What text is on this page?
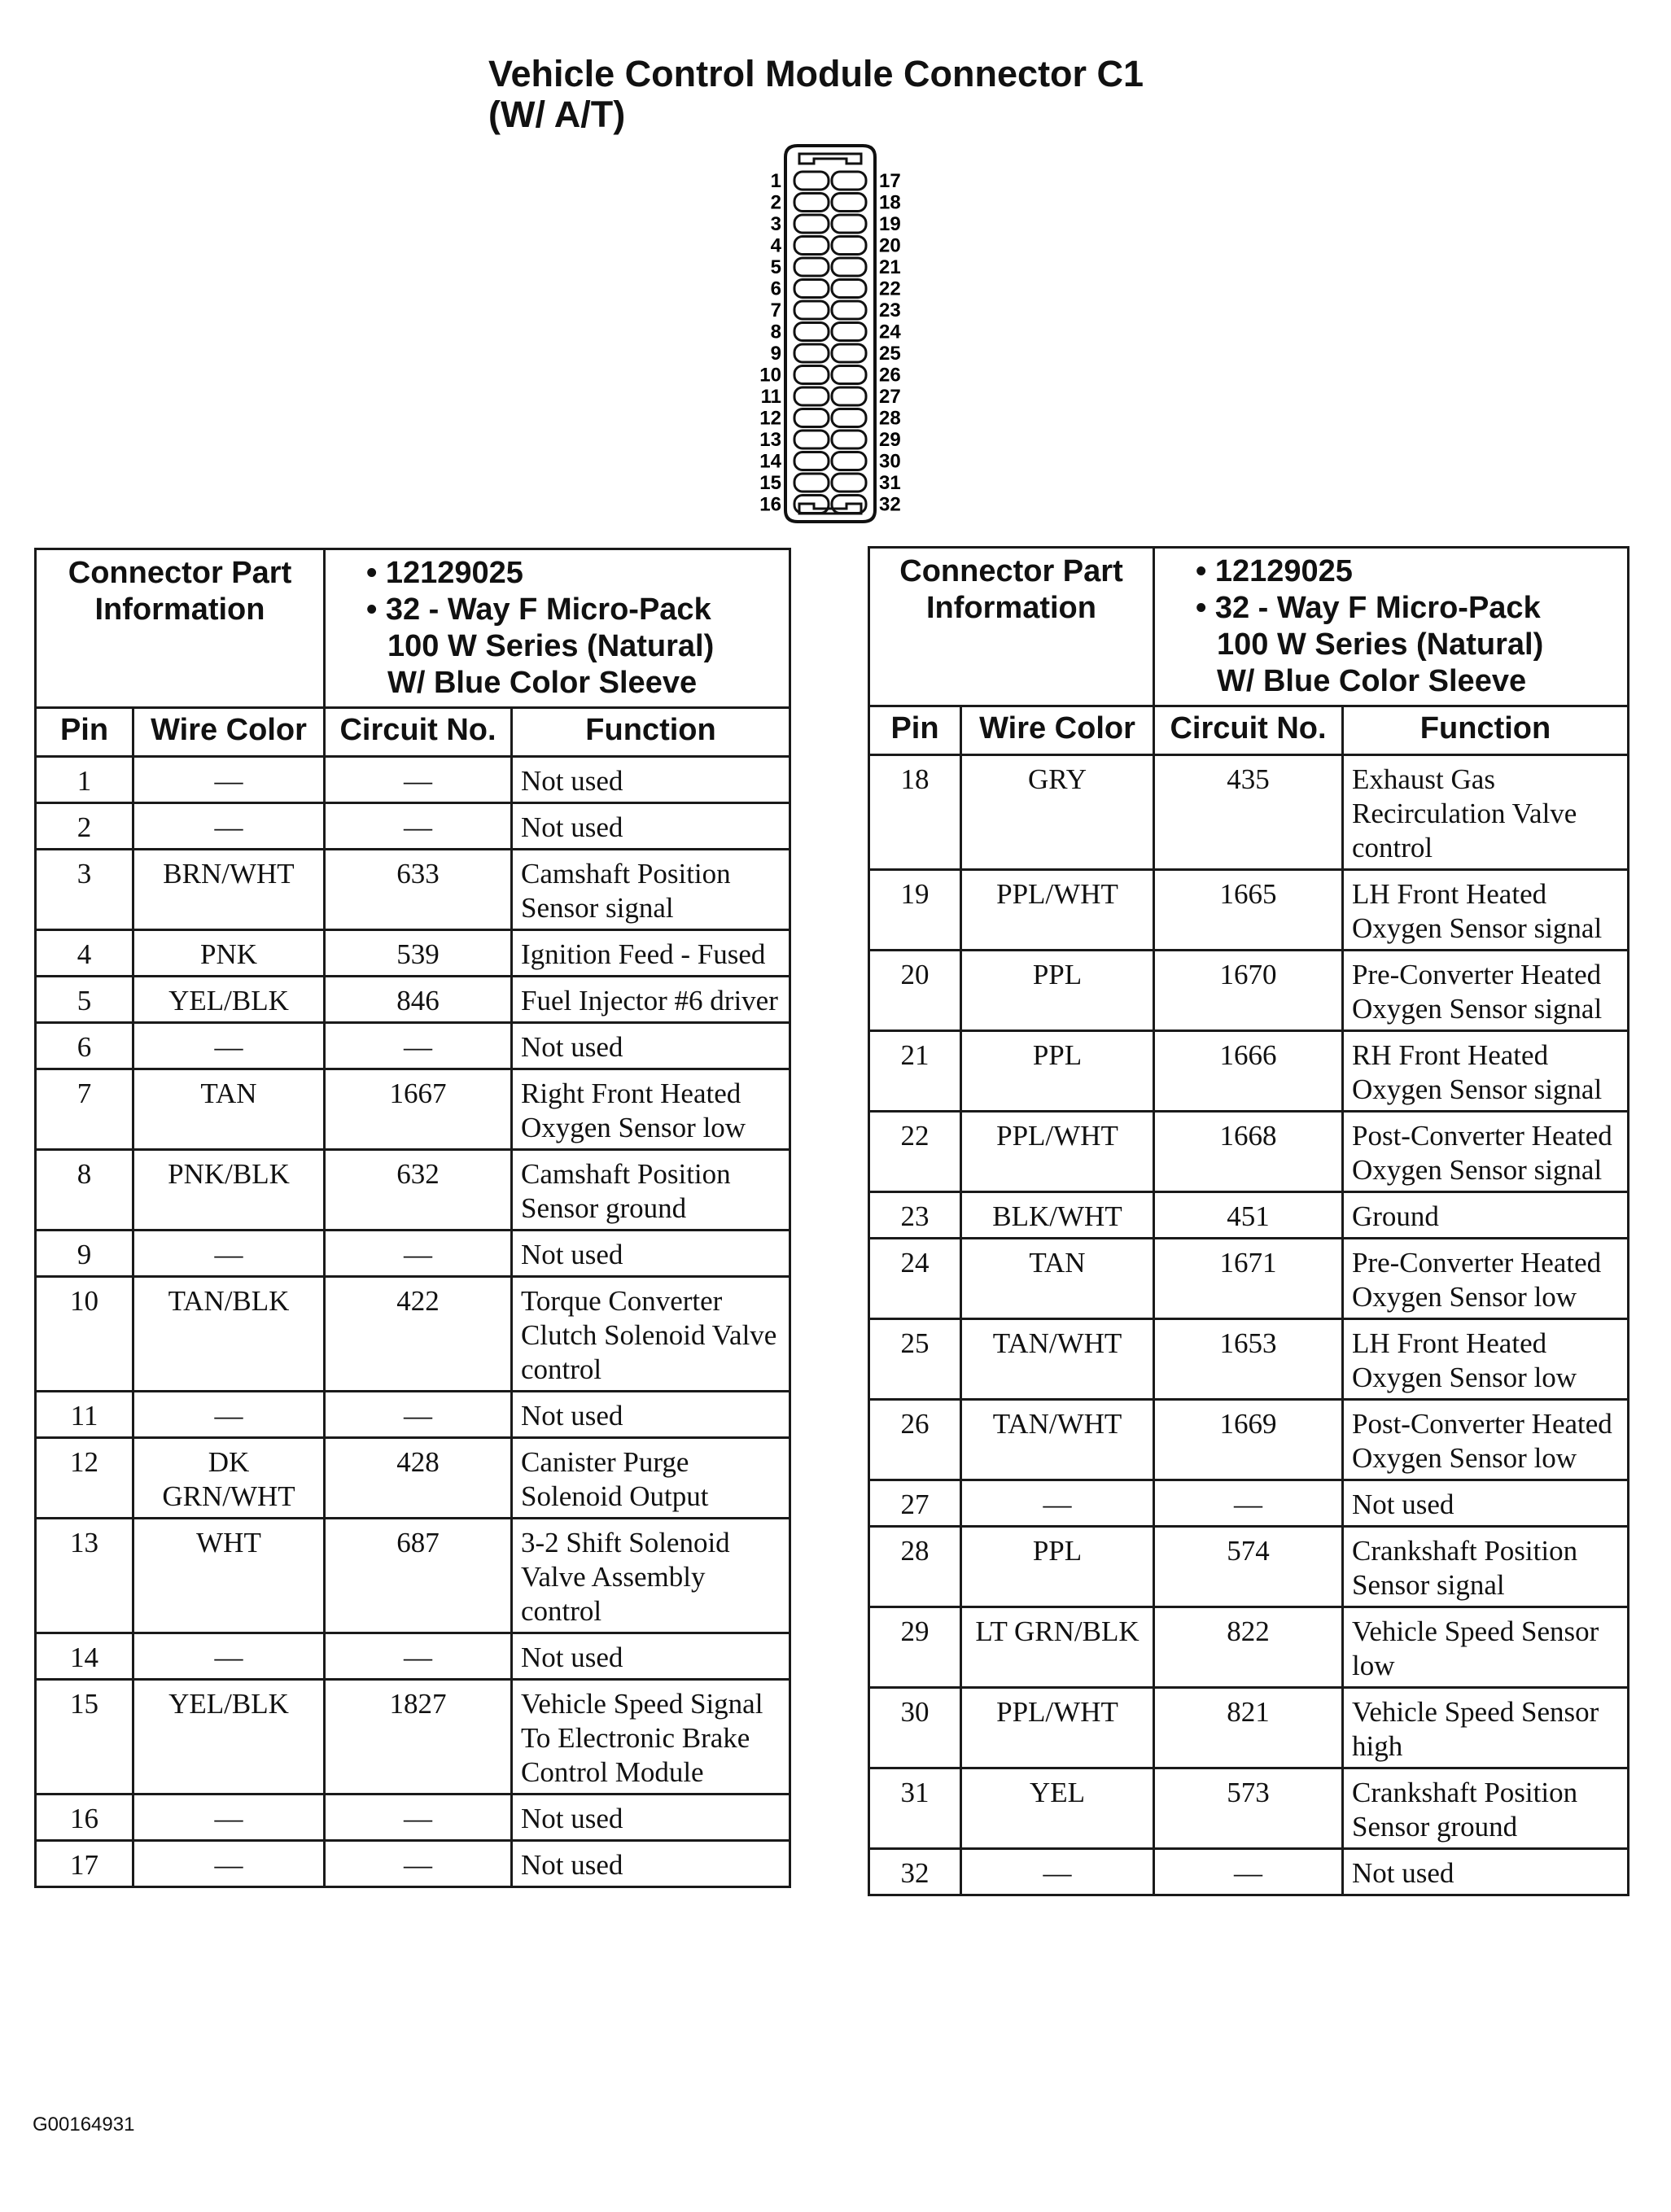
Vehicle Control Module Connector C1
(W/ A/T)
1	17
2	18
3	19
4	20
5	21
6	22
7	23
8	24
9	25
10	26
11	27
12	28
13	29
14	30
15	31
16	32
Connector Part Information		• 12129025
• 32 - Way F Micro-Pack
100 W Series (Natural)
W/ Blue Color Sleeve	

Pin	Wire Color	Circuit No.	Function
1	—	—	Not used
2	—	—	Not used
3	BRN/WHT	633	Camshaft Position Sensor signal
4	PNK	539	Ignition Feed - Fused
5	YEL/BLK	846	Fuel Injector #6 driver
6	—	—	Not used
7	TAN	1667	Right Front Heated Oxygen Sensor low
8	PNK/BLK	632	Camshaft Position Sensor ground
9	—	—	Not used
10	TAN/BLK	422	Torque Converter Clutch Solenoid Valve control
11	—	—	Not used
12	DK GRN/WHT	428	Canister Purge Solenoid Output
13	WHT	687	3-2 Shift Solenoid Valve Assembly control
14	—	—	Not used
15	YEL/BLK	1827	Vehicle Speed Signal To Electronic Brake Control Module
16	—	—	Not used
17	—	—	Not used
Connector Part Information		• 12129025
• 32 - Way F Micro-Pack
100 W Series (Natural)
W/ Blue Color Sleeve	

Pin	Wire Color	Circuit No.	Function
18	GRY	435	Exhaust Gas Recirculation Valve control
19	PPL/WHT	1665	LH Front Heated Oxygen Sensor signal
20	PPL	1670	Pre-Converter Heated Oxygen Sensor signal
21	PPL	1666	RH Front Heated Oxygen Sensor signal
22	PPL/WHT	1668	Post-Converter Heated Oxygen Sensor signal
23	BLK/WHT	451	Ground
24	TAN	1671	Pre-Converter Heated Oxygen Sensor low
25	TAN/WHT	1653	LH Front Heated Oxygen Sensor low
26	TAN/WHT	1669	Post-Converter Heated Oxygen Sensor low
27	—	—	Not used
28	PPL	574	Crankshaft Position Sensor signal
29	LT GRN/BLK	822	Vehicle Speed Sensor low
30	PPL/WHT	821	Vehicle Speed Sensor high
31	YEL	573	Crankshaft Position Sensor ground
32	—	—	Not used
G00164931
